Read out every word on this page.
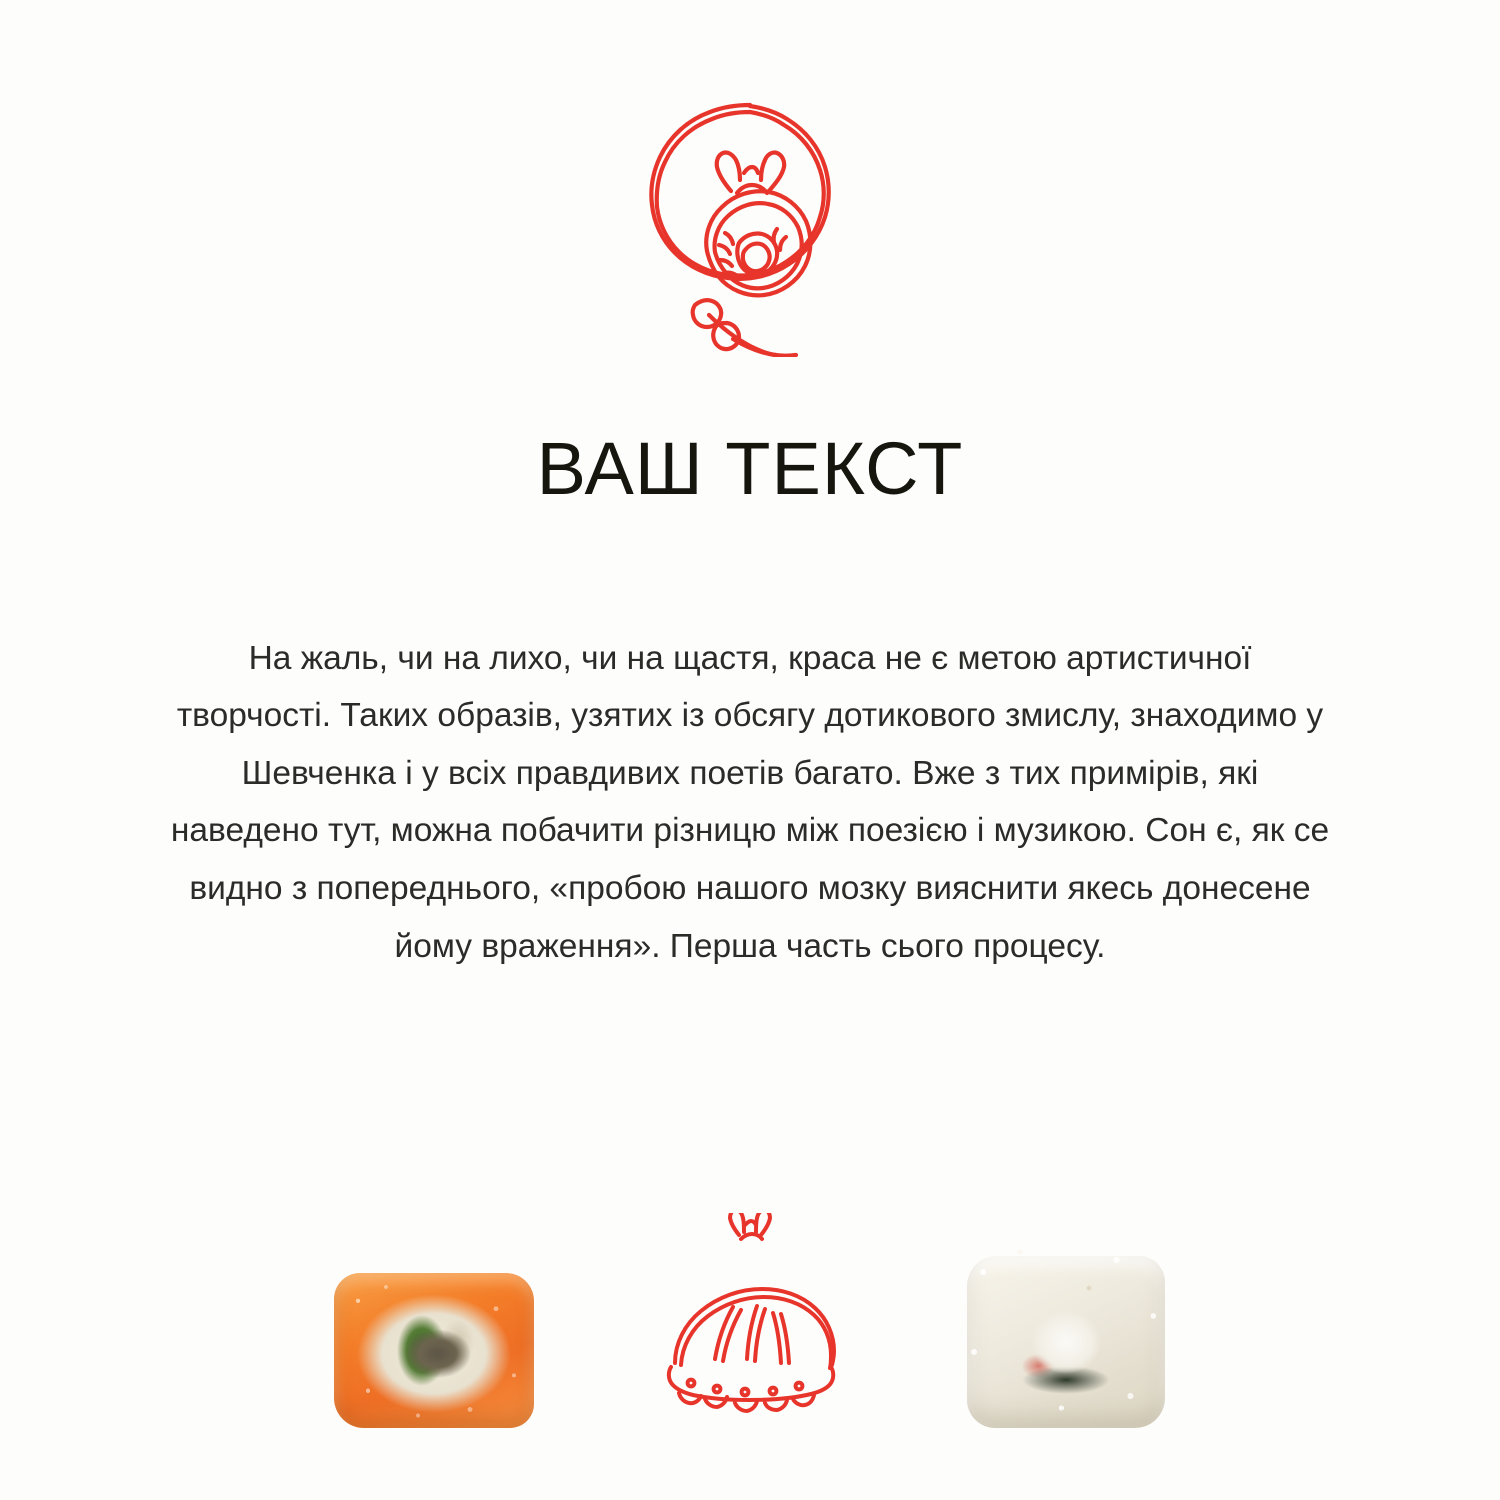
ВАШ ТЕКСТ

На жаль, чи на лихо, чи на щастя, краса не є метою артистичної творчості. Таких образів, узятих із обсягу дотикового змислу, знаходимо у Шевченка і у всіх правдивих поетів багато. Вже з тих примірів, які наведено тут, можна побачити різницю між поезією і музикою. Сон є, як се видно з попереднього, «пробою нашого мозку вияснити якесь донесене йому враження». Перша часть сього процесу.
